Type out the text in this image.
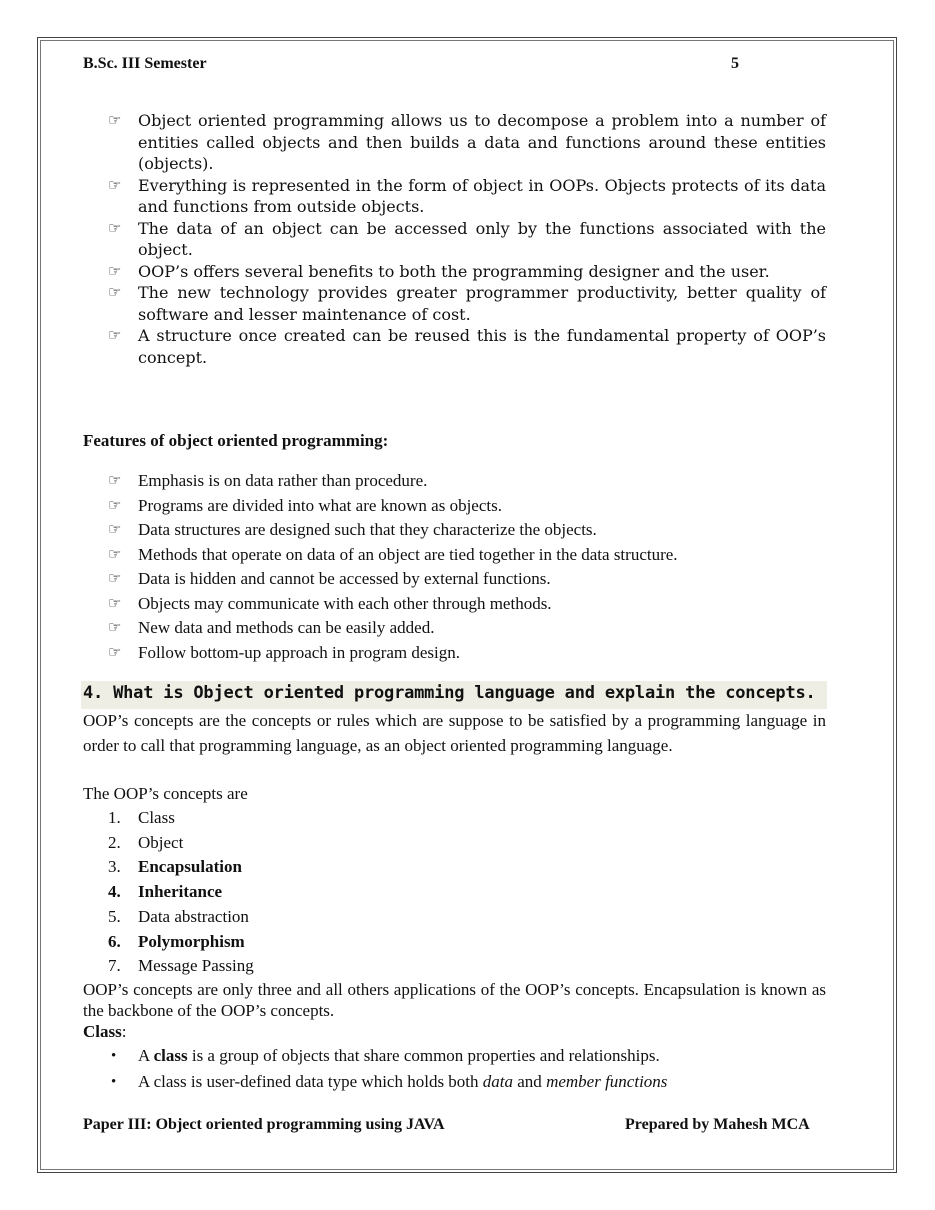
B.Sc. III Semester	5
☞ Object oriented programming allows us to decompose a problem into a number of entities called objects and then builds a data and functions around these entities (objects).
☞ Everything is represented in the form of object in OOPs. Objects protects of its data and functions from outside objects.
☞ The data of an object can be accessed only by the functions associated with the object.
☞ OOP’s offers several benefits to both the programming designer and the user.
☞ The new technology provides greater programmer productivity, better quality of software and lesser maintenance of cost.
☞ A structure once created can be reused this is the fundamental property of OOP’s concept.
Features of object oriented programming:
☞ Emphasis is on data rather than procedure.
☞ Programs are divided into what are known as objects.
☞ Data structures are designed such that they characterize the objects.
☞ Methods that operate on data of an object are tied together in the data structure.
☞ Data is hidden and cannot be accessed by external functions.
☞ Objects may communicate with each other through methods.
☞ New data and methods can be easily added.
☞ Follow bottom-up approach in program design.
4. What is Object oriented programming language and explain the concepts.

OOP’s concepts are the concepts or rules which are suppose to be satisfied by a programming language in order to call that programming language, as an object oriented programming language.

The OOP’s concepts are

1. Class
2. Object
3. Encapsulation
4. Inheritance
5. Data abstraction
6. Polymorphism
7. Message Passing

OOP’s concepts are only three and all others applications of the OOP’s concepts. Encapsulation is known as the backbone of the OOP’s concepts.

Class:
• A class is a group of objects that share common properties and relationships.
• A class is user-defined data type which holds both data and member functions
Paper III: Object oriented programming using JAVA	Prepared by Mahesh MCA
